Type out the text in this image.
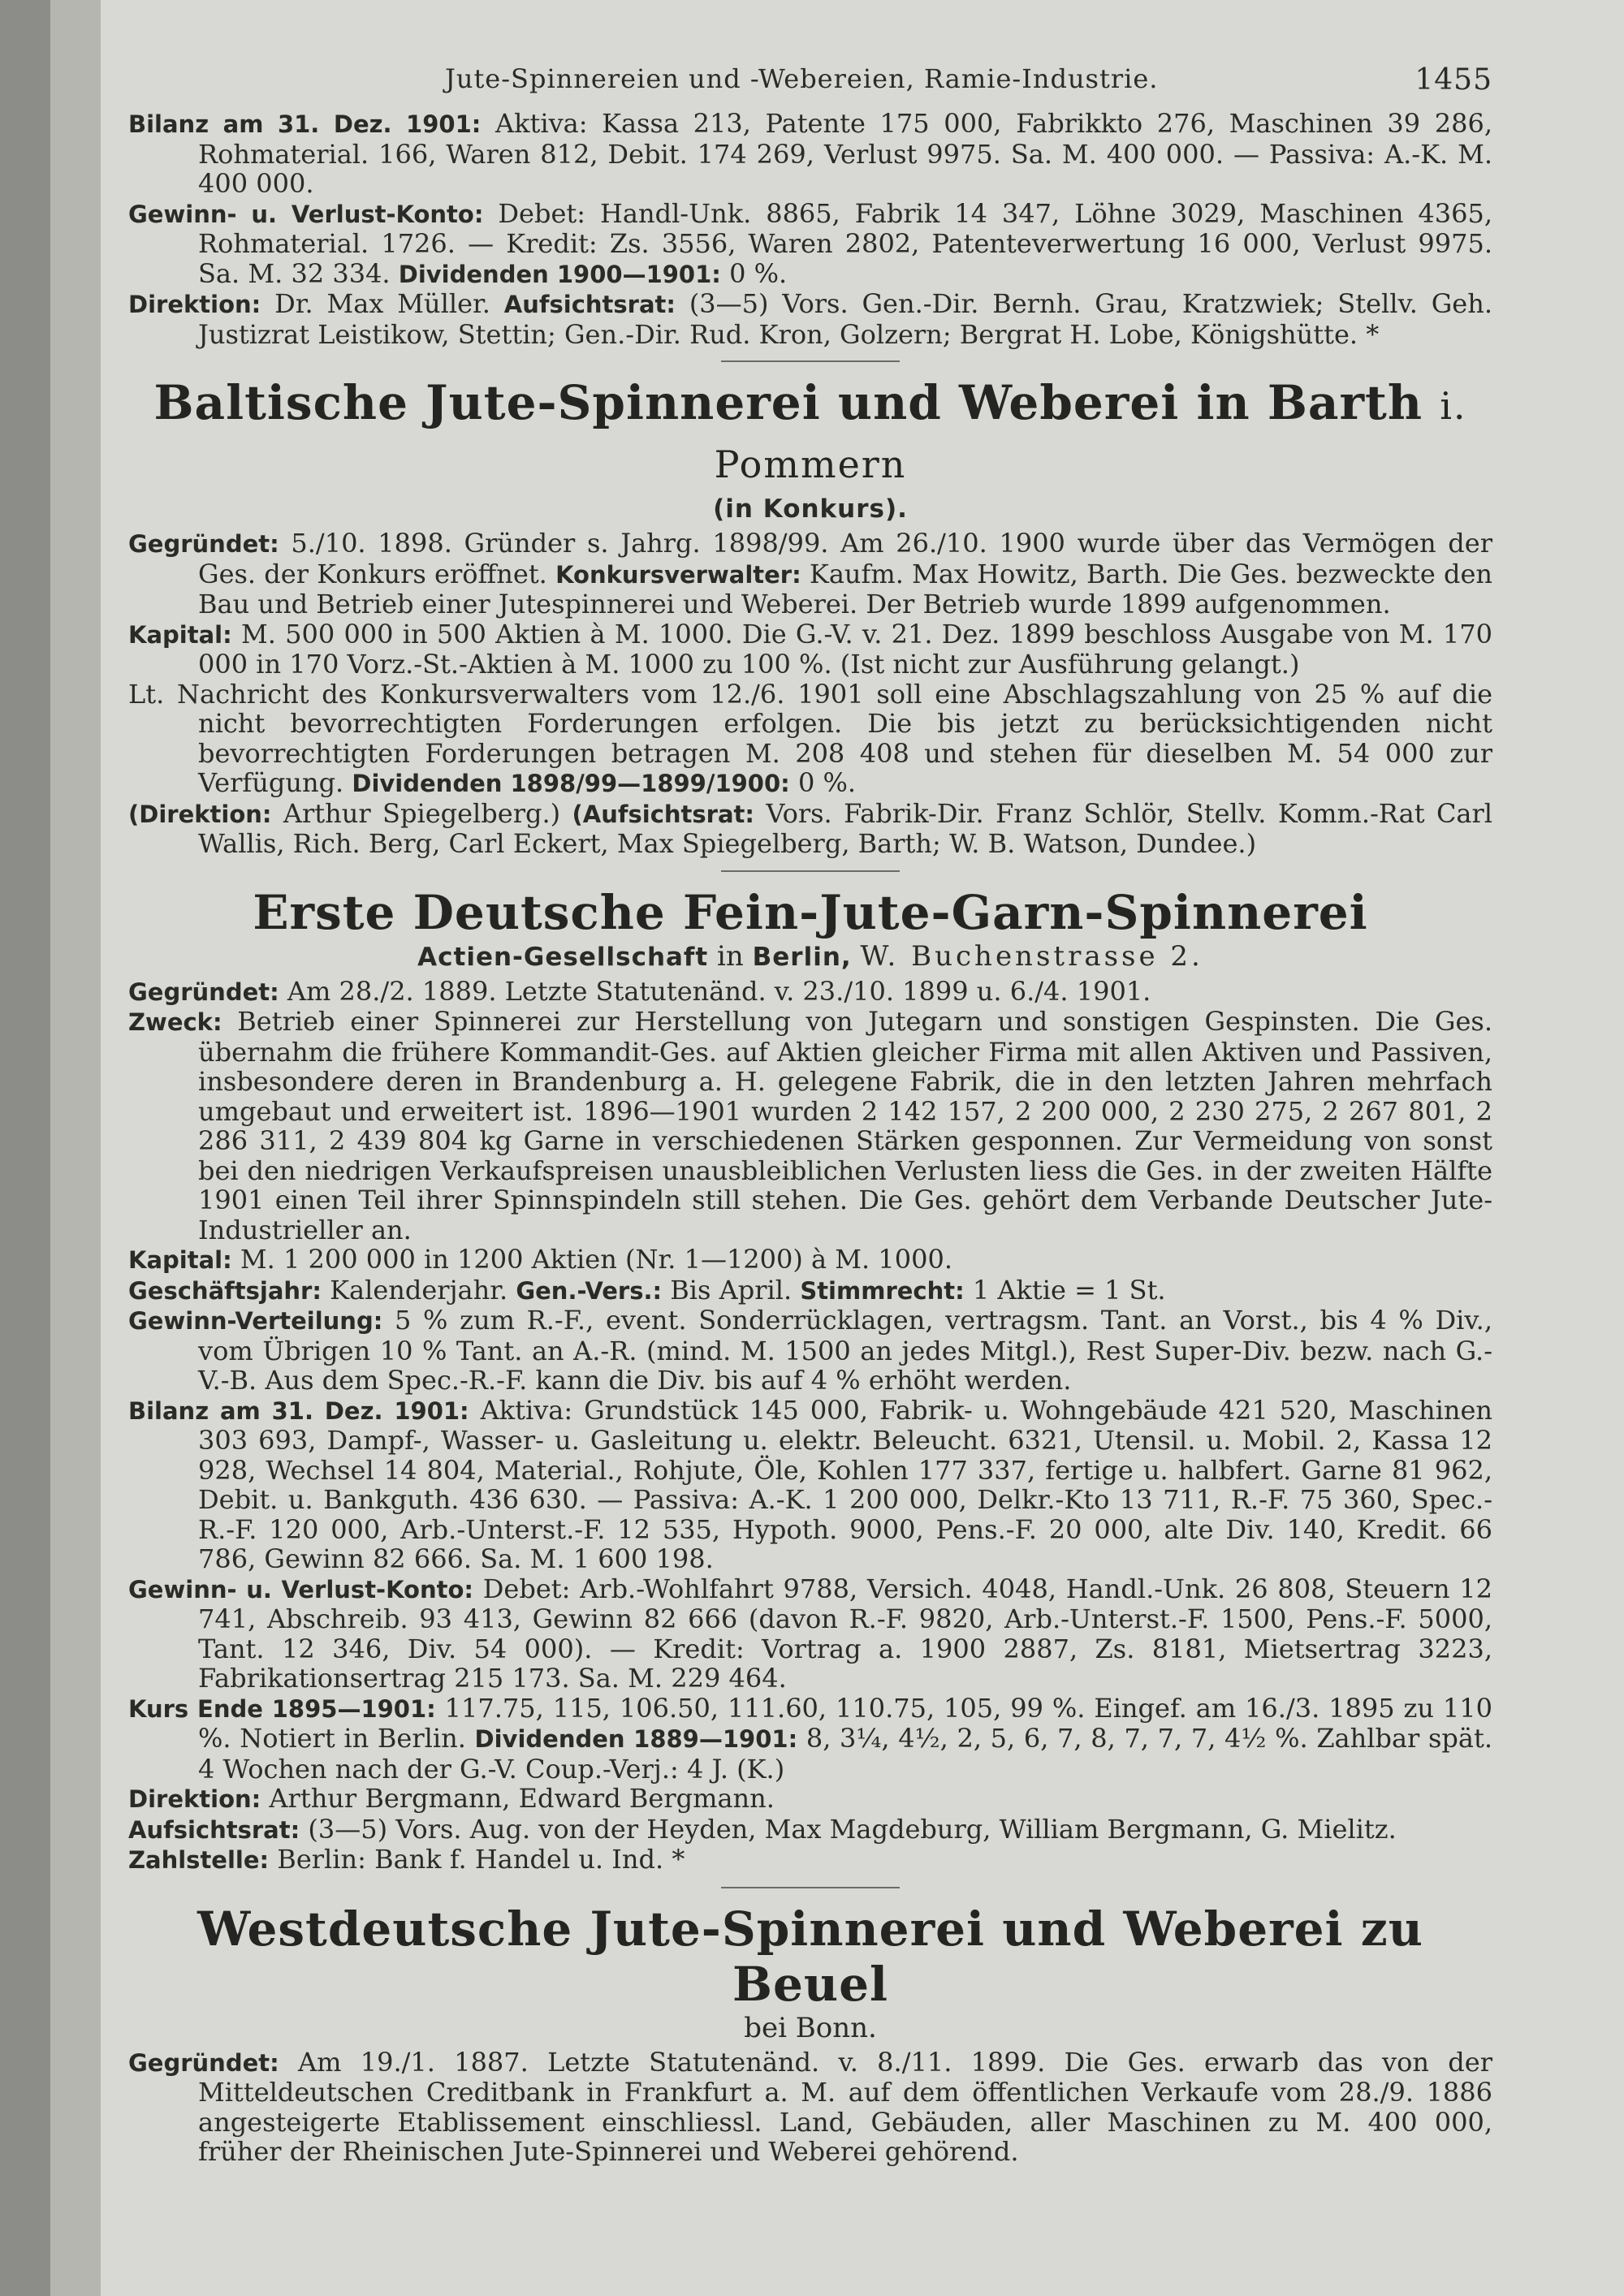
Jute-Spinnereien und -Webereien, Ramie-Industrie.	1455

Bilanz am 31. Dez. 1901: Aktiva: Kassa 213, Patente 175 000, Fabrikkto 276, Maschinen 39 286, Rohmaterial. 166, Waren 812, Debit. 174 269, Verlust 9975. Sa. M. 400 000. — Passiva: A.-K. M. 400 000.

Gewinn- u. Verlust-Konto: Debet: Handl-Unk. 8865, Fabrik 14 347, Löhne 3029, Maschinen 4365, Rohmaterial. 1726. — Kredit: Zs. 3556, Waren 2802, Patenteverwertung 16 000, Verlust 9975. Sa. M. 32 334. Dividenden 1900—1901: 0 %.

Direktion: Dr. Max Müller. Aufsichtsrat: (3—5) Vors. Gen.-Dir. Bernh. Grau, Kratzwiek; Stellv. Geh. Justizrat Leistikow, Stettin; Gen.-Dir. Rud. Kron, Golzern; Bergrat H. Lobe, Königshütte. *

Baltische Jute-Spinnerei und Weberei in Barth i. Pommern
(in Konkurs).

Gegründet: 5./10. 1898. Gründer s. Jahrg. 1898/99. Am 26./10. 1900 wurde über das Vermögen der Ges. der Konkurs eröffnet. Konkursverwalter: Kaufm. Max Howitz, Barth. Die Ges. bezweckte den Bau und Betrieb einer Jutespinnerei und Weberei. Der Betrieb wurde 1899 aufgenommen.

Kapital: M. 500 000 in 500 Aktien à M. 1000. Die G.-V. v. 21. Dez. 1899 beschloss Ausgabe von M. 170 000 in 170 Vorz.-St.-Aktien à M. 1000 zu 100 %. (Ist nicht zur Ausführung gelangt.)

Lt. Nachricht des Konkursverwalters vom 12./6. 1901 soll eine Abschlagszahlung von 25 % auf die nicht bevorrechtigten Forderungen erfolgen. Die bis jetzt zu berücksichtigenden nicht bevorrechtigten Forderungen betragen M. 208 408 und stehen für dieselben M. 54 000 zur Verfügung. Dividenden 1898/99—1899/1900: 0 %.

(Direktion: Arthur Spiegelberg.) (Aufsichtsrat: Vors. Fabrik-Dir. Franz Schlör, Stellv. Komm.-Rat Carl Wallis, Rich. Berg, Carl Eckert, Max Spiegelberg, Barth; W. B. Watson, Dundee.)

Erste Deutsche Fein-Jute-Garn-Spinnerei
Actien-Gesellschaft in Berlin, W. Buchenstrasse 2.

Gegründet: Am 28./2. 1889. Letzte Statutenänd. v. 23./10. 1899 u. 6./4. 1901.

Zweck: Betrieb einer Spinnerei zur Herstellung von Jutegarn und sonstigen Gespinsten. Die Ges. übernahm die frühere Kommandit-Ges. auf Aktien gleicher Firma mit allen Aktiven und Passiven, insbesondere deren in Brandenburg a. H. gelegene Fabrik, die in den letzten Jahren mehrfach umgebaut und erweitert ist. 1896—1901 wurden 2 142 157, 2 200 000, 2 230 275, 2 267 801, 2 286 311, 2 439 804 kg Garne in verschiedenen Stärken gesponnen. Zur Vermeidung von sonst bei den niedrigen Verkaufspreisen unausbleiblichen Verlusten liess die Ges. in der zweiten Hälfte 1901 einen Teil ihrer Spinnspindeln still stehen. Die Ges. gehört dem Verbande Deutscher Jute-Industrieller an.

Kapital: M. 1 200 000 in 1200 Aktien (Nr. 1—1200) à M. 1000.

Geschäftsjahr: Kalenderjahr. Gen.-Vers.: Bis April. Stimmrecht: 1 Aktie = 1 St.

Gewinn-Verteilung: 5 % zum R.-F., event. Sonderrücklagen, vertragsm. Tant. an Vorst., bis 4 % Div., vom Übrigen 10 % Tant. an A.-R. (mind. M. 1500 an jedes Mitgl.), Rest Super-Div. bezw. nach G.-V.-B. Aus dem Spec.-R.-F. kann die Div. bis auf 4 % erhöht werden.

Bilanz am 31. Dez. 1901: Aktiva: Grundstück 145 000, Fabrik- u. Wohngebäude 421 520, Maschinen 303 693, Dampf-, Wasser- u. Gasleitung u. elektr. Beleucht. 6321, Utensil. u. Mobil. 2, Kassa 12 928, Wechsel 14 804, Material., Rohjute, Öle, Kohlen 177 337, fertige u. halbfert. Garne 81 962, Debit. u. Bankguth. 436 630. — Passiva: A.-K. 1 200 000, Delkr.-Kto 13 711, R.-F. 75 360, Spec.-R.-F. 120 000, Arb.-Unterst.-F. 12 535, Hypoth. 9000, Pens.-F. 20 000, alte Div. 140, Kredit. 66 786, Gewinn 82 666. Sa. M. 1 600 198.

Gewinn- u. Verlust-Konto: Debet: Arb.-Wohlfahrt 9788, Versich. 4048, Handl.-Unk. 26 808, Steuern 12 741, Abschreib. 93 413, Gewinn 82 666 (davon R.-F. 9820, Arb.-Unterst.-F. 1500, Pens.-F. 5000, Tant. 12 346, Div. 54 000). — Kredit: Vortrag a. 1900 2887, Zs. 8181, Mietsertrag 3223, Fabrikationsertrag 215 173. Sa. M. 229 464.

Kurs Ende 1895—1901: 117.75, 115, 106.50, 111.60, 110.75, 105, 99 %. Eingef. am 16./3. 1895 zu 110 %. Notiert in Berlin. Dividenden 1889—1901: 8, 3¼, 4½, 2, 5, 6, 7, 8, 7, 7, 7, 4½ %. Zahlbar spät. 4 Wochen nach der G.-V. Coup.-Verj.: 4 J. (K.)

Direktion: Arthur Bergmann, Edward Bergmann.

Aufsichtsrat: (3—5) Vors. Aug. von der Heyden, Max Magdeburg, William Bergmann, G. Mielitz.

Zahlstelle: Berlin: Bank f. Handel u. Ind. *

Westdeutsche Jute-Spinnerei und Weberei zu Beuel
bei Bonn.

Gegründet: Am 19./1. 1887. Letzte Statutenänd. v. 8./11. 1899. Die Ges. erwarb das von der Mitteldeutschen Creditbank in Frankfurt a. M. auf dem öffentlichen Verkaufe vom 28./9. 1886 angesteigerte Etablissement einschliessl. Land, Gebäuden, aller Maschinen zu M. 400 000, früher der Rheinischen Jute-Spinnerei und Weberei gehörend.
